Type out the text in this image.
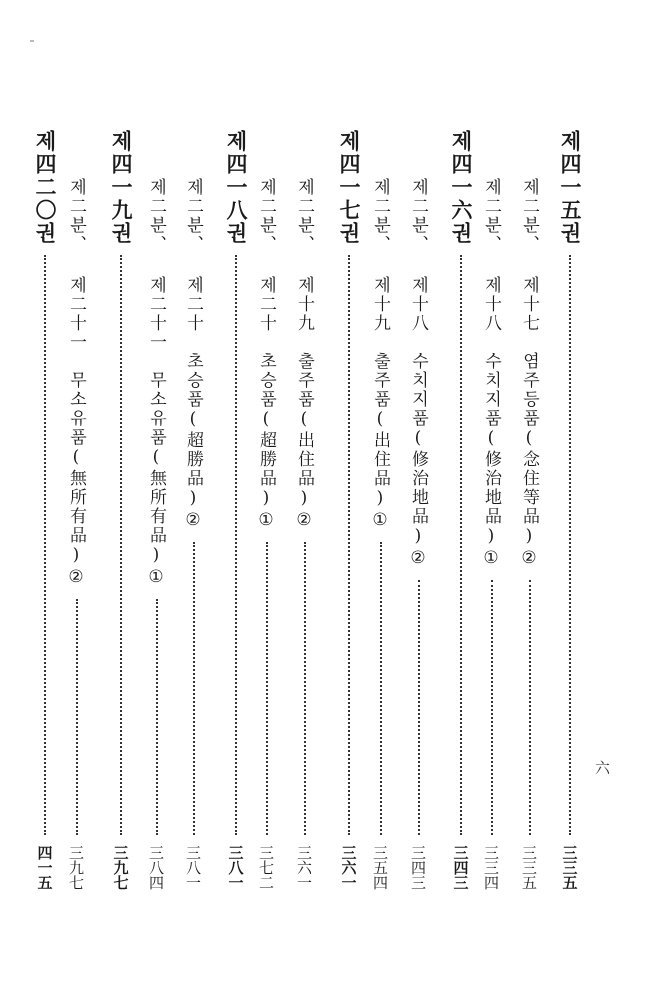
제四一五권
三三五
제二분、 제十七　염주등품(念住等品)②
三三五
제二분、 제十八　수치지품(修治地品)①
三三四
제四一六권
三四三
제二분、 제十八　수치지품(修治地品)②
三四三
제二분、 제十九　출주품(出住品)①
三五四
제四一七권
三六一
제二분、 제十九　출주품(出住品)②
三六一
제二분、 제二十　초승품(超勝品)①
三七二
제四一八권
三八一
제二분、 제二十　초승품(超勝品)②
三八一
제二분、 제二十一　무소유품(無所有品)①
三八四
제四一九권
三九七
제二분、 제二十一　무소유품(無所有品)②
三九七
제四二〇권
四一五
六
